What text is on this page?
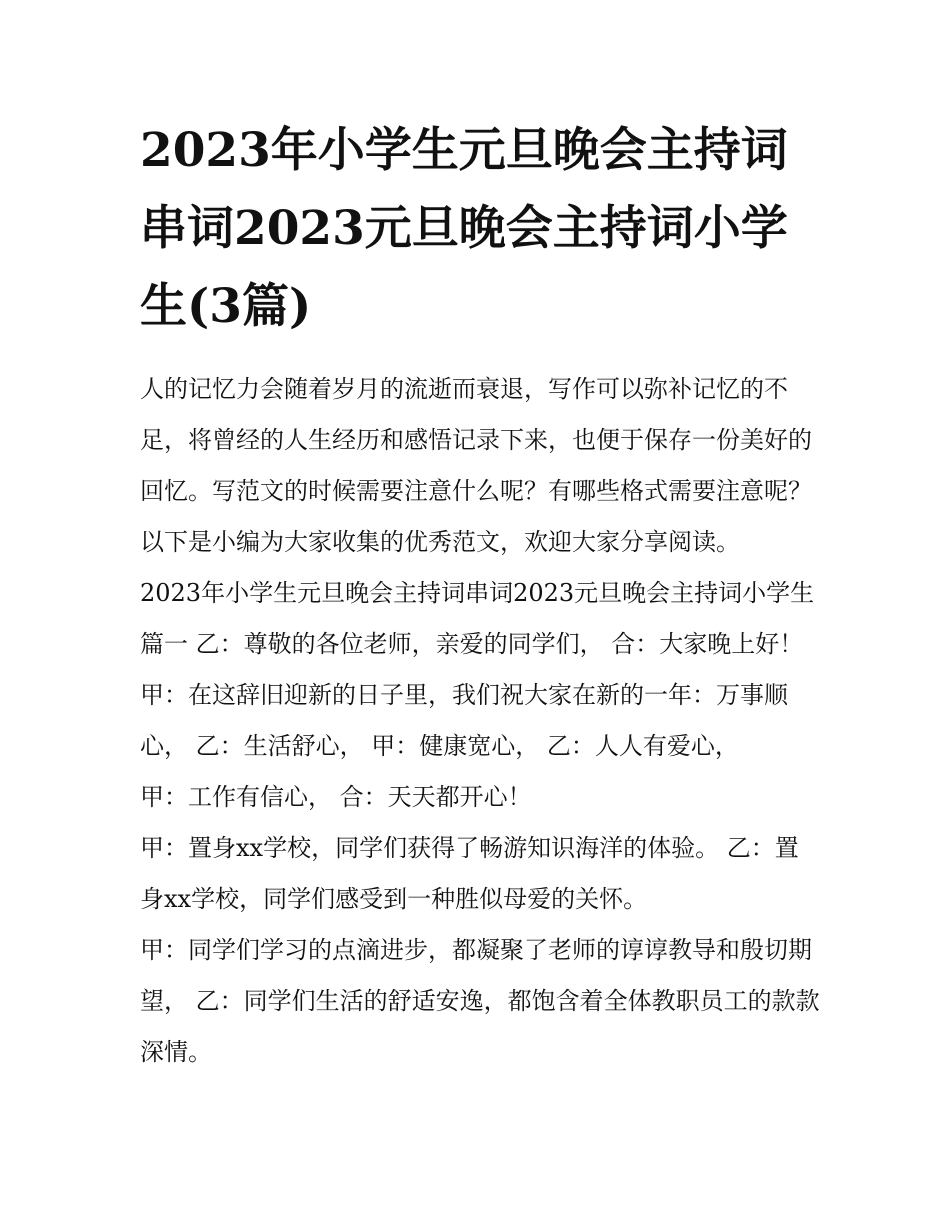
2023年小学生元旦晚会主持词串词2023元旦晚会主持词小学生(3篇)

人的记忆力会随着岁月的流逝而衰退，写作可以弥补记忆的不足，将曾经的人生经历和感悟记录下来，也便于保存一份美好的回忆。写范文的时候需要注意什么呢？有哪些格式需要注意呢？以下是小编为大家收集的优秀范文，欢迎大家分享阅读。

2023年小学生元旦晚会主持词串词2023元旦晚会主持词小学生篇一 乙：尊敬的各位老师，亲爱的同学们， 合：大家晚上好！

甲：在这辞旧迎新的日子里，我们祝大家在新的一年：万事顺心， 乙：生活舒心， 甲：健康宽心， 乙：人人有爱心，

甲：工作有信心， 合：天天都开心！

甲：置身xx学校，同学们获得了畅游知识海洋的体验。 乙：置身xx学校，同学们感受到一种胜似母爱的关怀。

甲：同学们学习的点滴进步，都凝聚了老师的谆谆教导和殷切期望， 乙：同学们生活的舒适安逸，都饱含着全体教职员工的款款深情。
